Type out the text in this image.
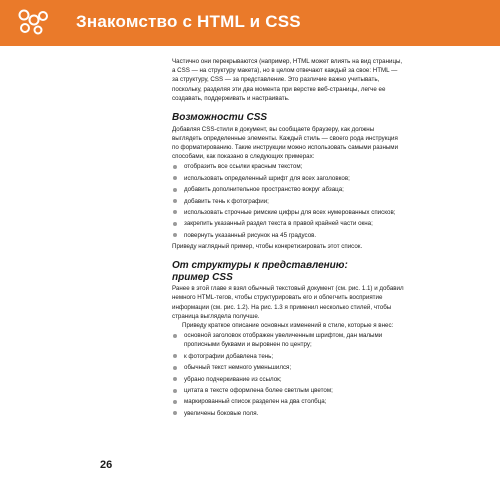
Знакомство с HTML и CSS

Частично они перекрываются (например, HTML может влиять на вид страницы, а CSS — на структуру макета), но в целом отвечают каждый за свое: HTML — за структуру, CSS — за представление. Это различие важно учитывать, поскольку, разделяя эти два момента при верстке веб-страницы, легче ее создавать, поддерживать и настраивать.

Возможности CSS

Добавляя CSS-стили в документ, вы сообщаете браузеру, как должны выглядеть определенные элементы. Каждый стиль — своего рода инструкция по форматированию. Такие инструкции можно использовать самыми разными способами, как показано в следующих примерах:

отобразить все ссылки красным текстом;
использовать определенный шрифт для всех заголовков;
добавить дополнительное пространство вокруг абзаца;
добавить тень к фотографии;
использовать строчные римские цифры для всех нумерованных списков;
закрепить указанный раздел текста в правой крайней части окна;
повернуть указанный рисунок на 45 градусов.

Приведу наглядный пример, чтобы конкретизировать этот список.

От структуры к представлению:
пример CSS

Ранее в этой главе я взял обычный текстовый документ (см. рис. 1.1) и добавил немного HTML-тегов, чтобы структурировать его и облегчить восприятие информации (см. рис. 1.2). На рис. 1.3 я применил несколько стилей, чтобы страница выглядела получше.

Приведу краткое описание основных изменений в стиле, которые я внес:

основной заголовок отображен увеличенным шрифтом, дан малыми прописными буквами и выровнен по центру;
к фотографии добавлена тень;
обычный текст немного уменьшился;
убрано подчеркивание из ссылок;
цитата в тексте оформлена более светлым цветом;
маркированный список разделен на два столбца;
увеличены боковые поля.
26
